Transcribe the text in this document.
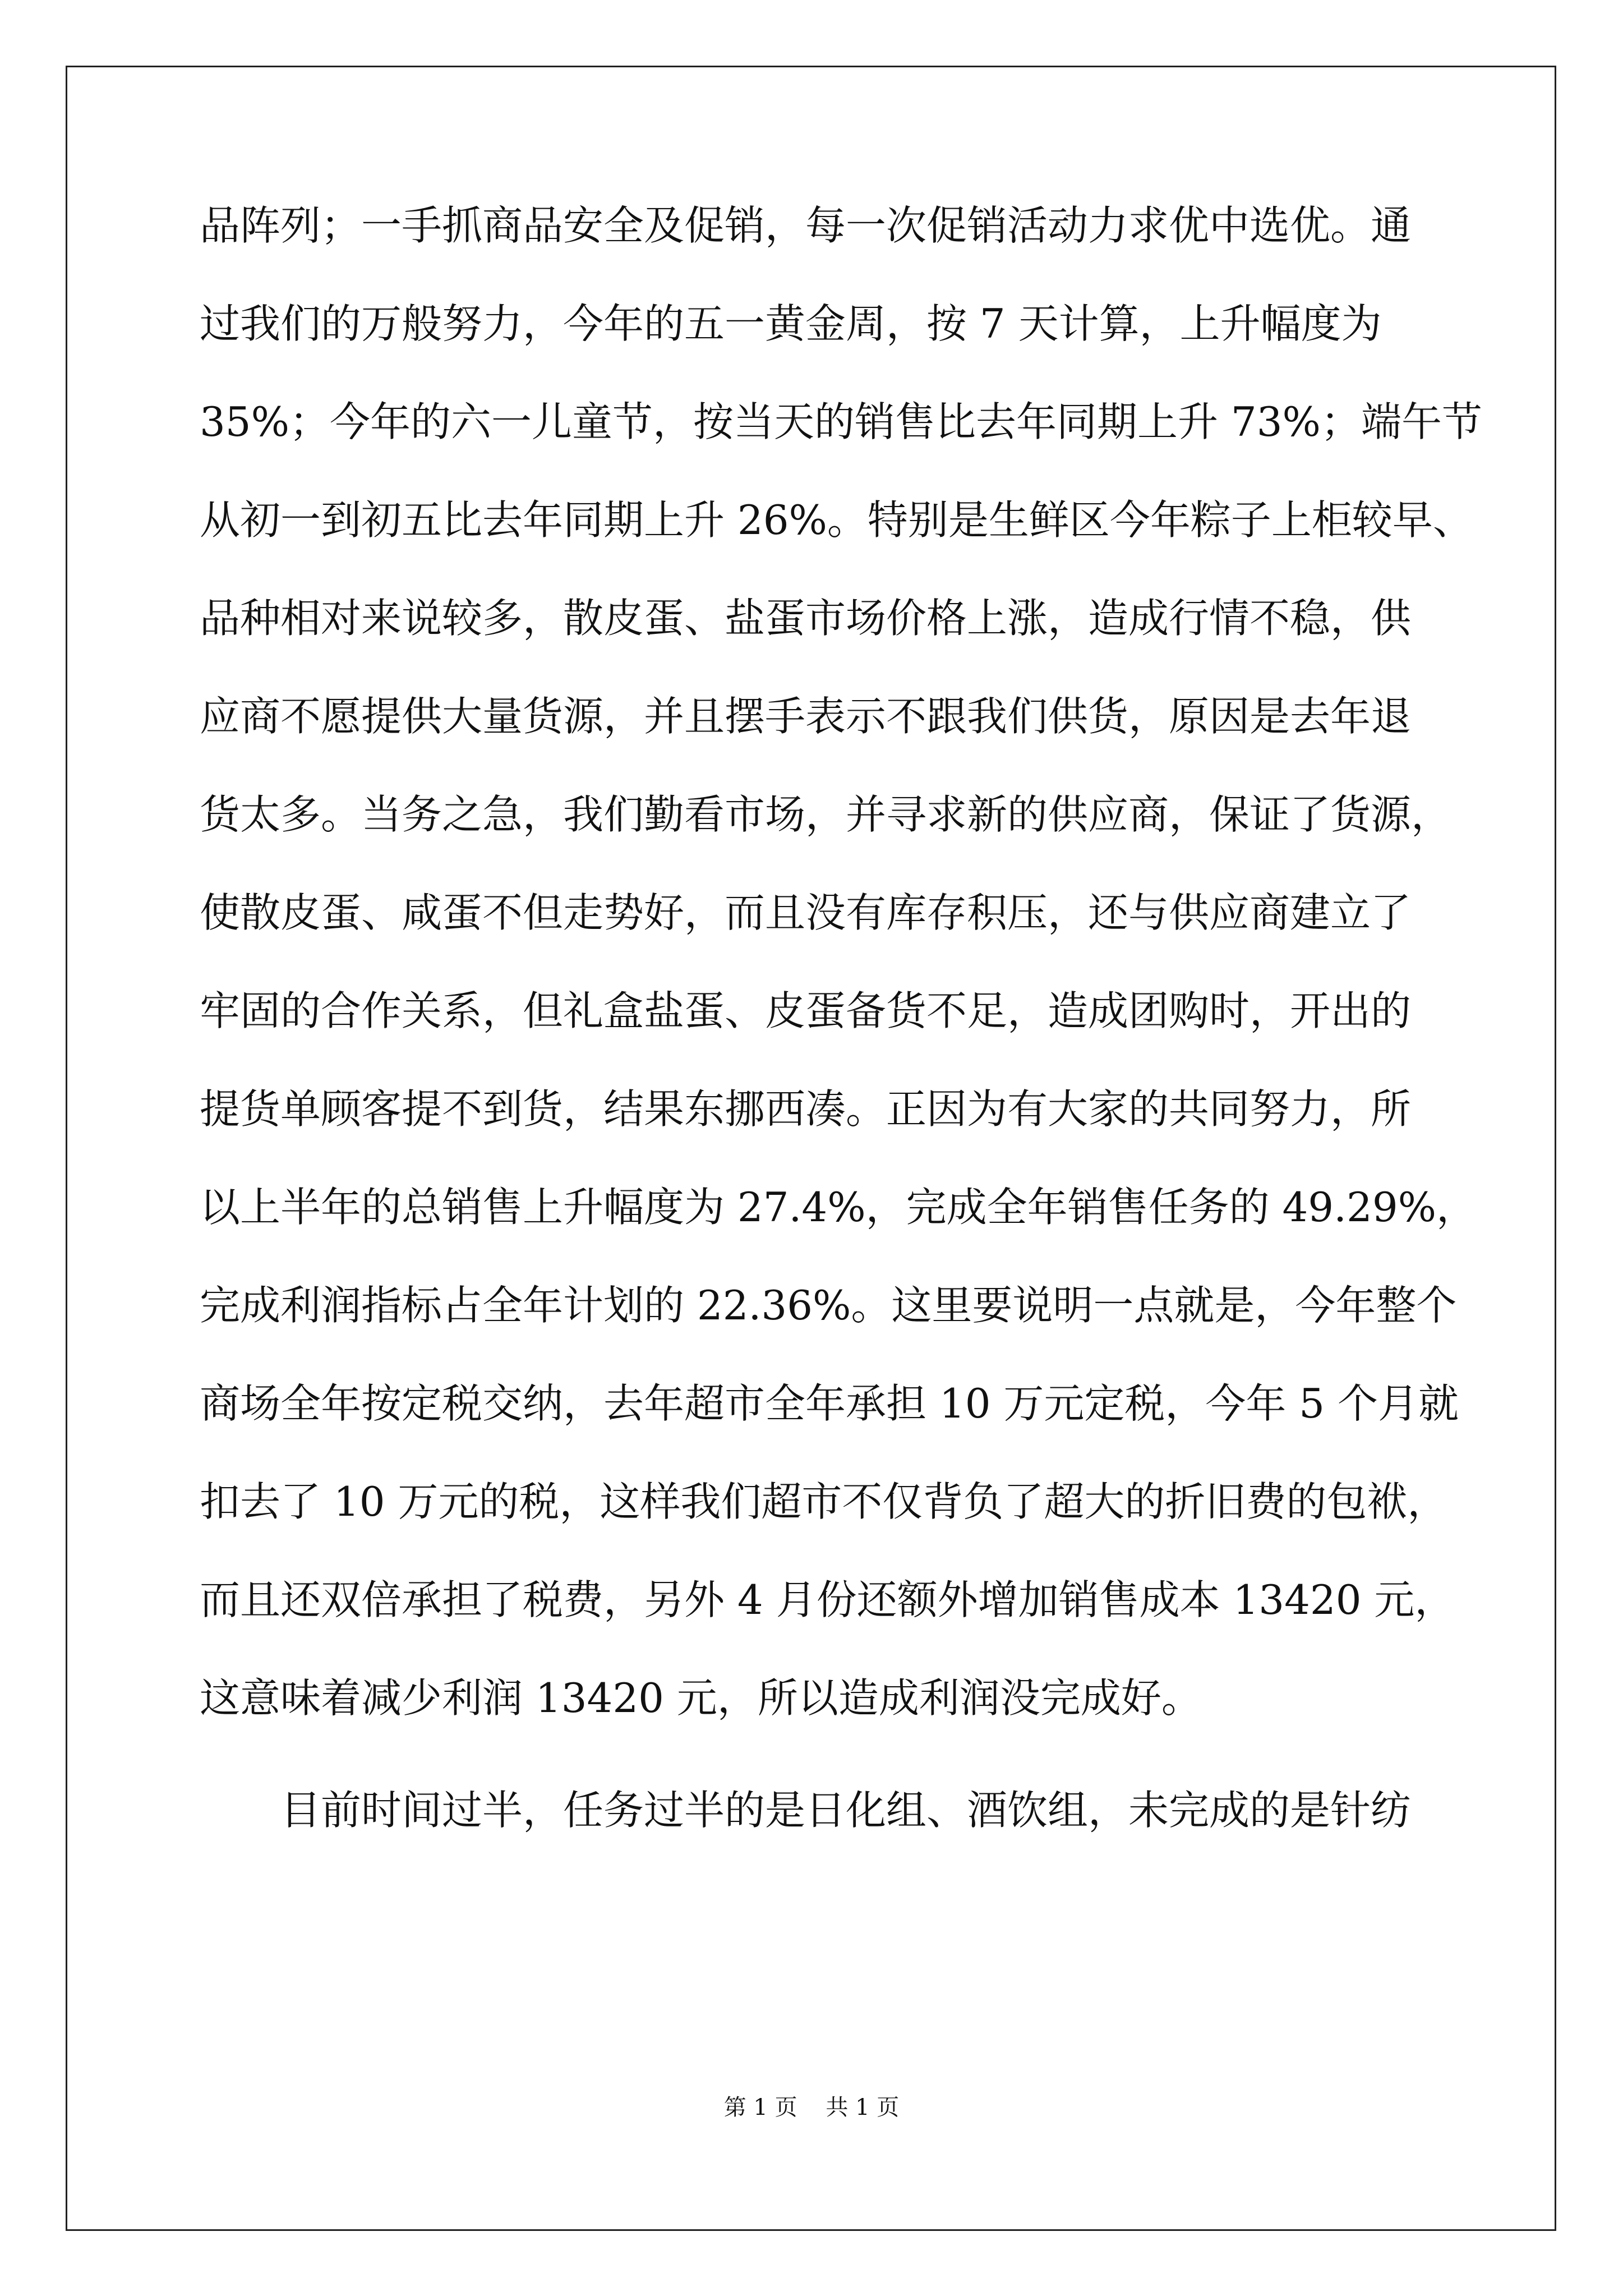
品阵列；一手抓商品安全及促销，每一次促销活动力求优中选优。通
过我们的万般努力，今年的五一黄金周，按 7 天计算，上升幅度为
35%；今年的六一儿童节，按当天的销售比去年同期上升 73%；端午节
从初一到初五比去年同期上升 26%。特别是生鲜区今年粽子上柜较早、
品种相对来说较多，散皮蛋、盐蛋市场价格上涨，造成行情不稳，供
应商不愿提供大量货源，并且摆手表示不跟我们供货，原因是去年退
货太多。当务之急，我们勤看市场，并寻求新的供应商，保证了货源，
使散皮蛋、咸蛋不但走势好，而且没有库存积压，还与供应商建立了
牢固的合作关系，但礼盒盐蛋、皮蛋备货不足，造成团购时，开出的
提货单顾客提不到货，结果东挪西凑。正因为有大家的共同努力，所
以上半年的总销售上升幅度为 27.4%，完成全年销售任务的 49.29%，
完成利润指标占全年计划的 22.36%。这里要说明一点就是，今年整个
商场全年按定税交纳，去年超市全年承担 10 万元定税，今年 5 个月就
扣去了 10 万元的税，这样我们超市不仅背负了超大的折旧费的包袱，
而且还双倍承担了税费，另外 4 月份还额外增加销售成本 13420 元，
这意味着减少利润 13420 元，所以造成利润没完成好。
目前时间过半，任务过半的是日化组、酒饮组，未完成的是针纺
第 1 页    共 1 页
